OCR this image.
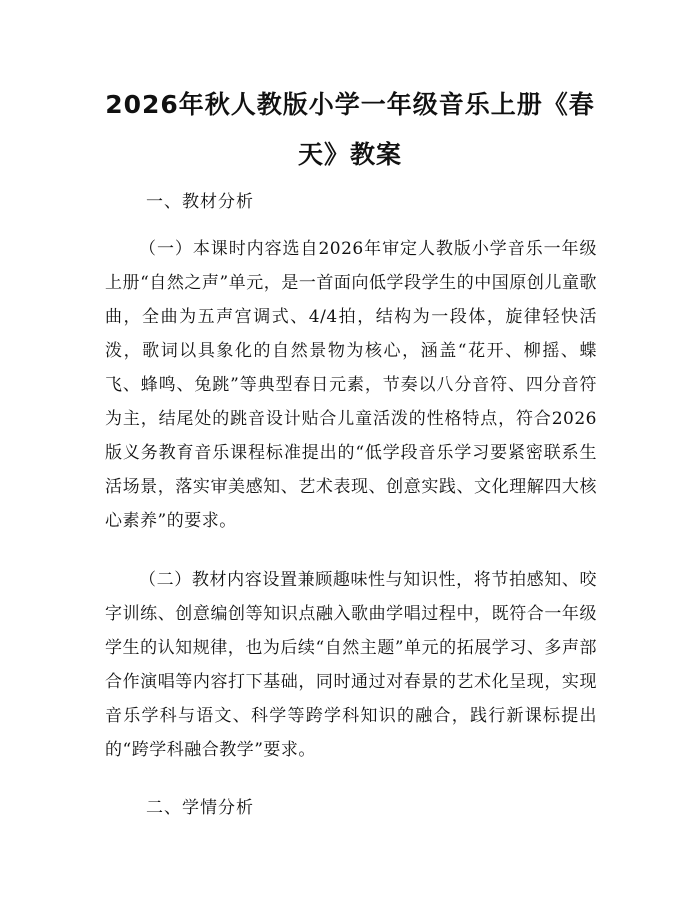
2026年秋人教版小学一年级音乐上册《春天》教案
一、教材分析

（一）本课时内容选自2026年审定人教版小学音乐一年级上册“自然之声”单元，是一首面向低学段学生的中国原创儿童歌曲，全曲为五声宫调式、4/4拍，结构为一段体，旋律轻快活泼，歌词以具象化的自然景物为核心，涵盖“花开、柳摇、蝶飞、蜂鸣、兔跳”等典型春日元素，节奏以八分音符、四分音符为主，结尾处的跳音设计贴合儿童活泼的性格特点，符合2026版义务教育音乐课程标准提出的“低学段音乐学习要紧密联系生活场景，落实审美感知、艺术表现、创意实践、文化理解四大核心素养”的要求。

（二）教材内容设置兼顾趣味性与知识性，将节拍感知、咬字训练、创意编创等知识点融入歌曲学唱过程中，既符合一年级学生的认知规律，也为后续“自然主题”单元的拓展学习、多声部合作演唱等内容打下基础，同时通过对春景的艺术化呈现，实现音乐学科与语文、科学等跨学科知识的融合，践行新课标提出的“跨学科融合教学”要求。

二、学情分析
